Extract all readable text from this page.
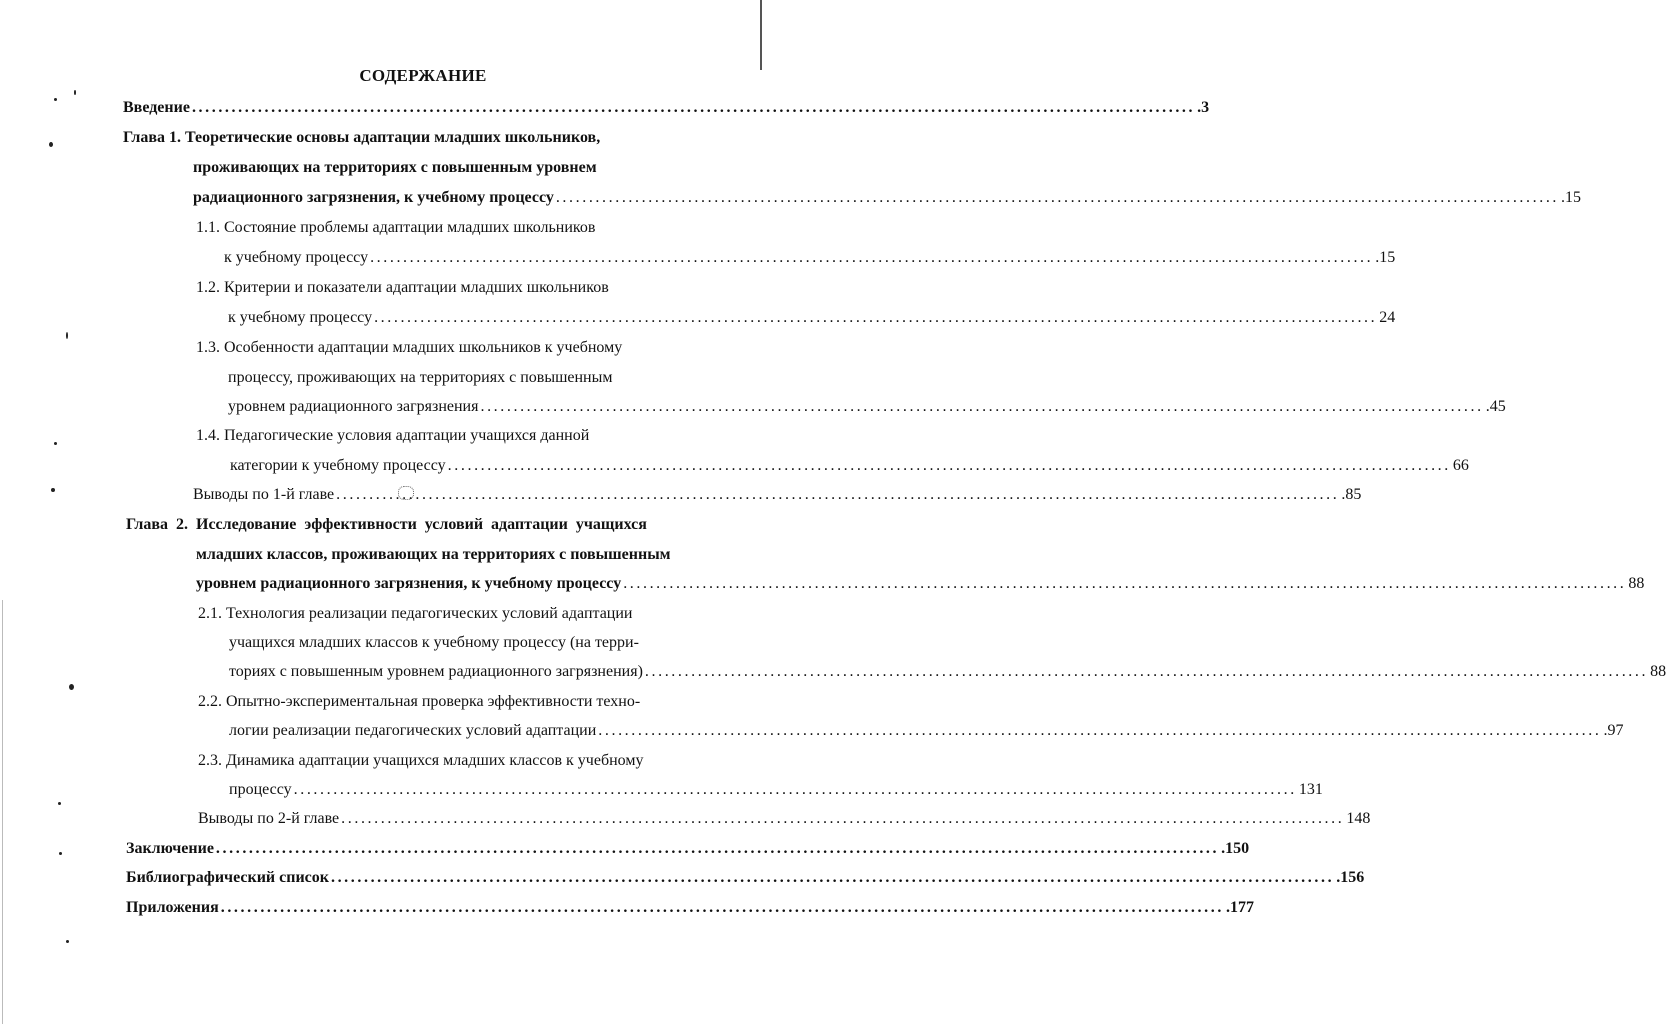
СОДЕРЖАНИЕ
Введение ........................................................................................................................................................ .3
Глава 1. Теоретические основы адаптации младших школьников,
проживающих на территориях с повышенным уровнем
радиационного загрязнения, к учебному процессу ........................................................................................................................................................ .15
1.1. Состояние проблемы адаптации младших школьников
к учебному процессу ........................................................................................................................................................ .15
1.2. Критерии и показатели адаптации младших школьников
к учебному процессу ........................................................................................................................................................ 24
1.3. Особенности адаптации младших школьников к учебному
процессу, проживающих на территориях с повышенным
уровнем радиационного загрязнения ........................................................................................................................................................ .45
1.4. Педагогические условия адаптации учащихся данной
категории к учебному процессу ........................................................................................................................................................ 66
Выводы по 1-й главе ........................................................................................................................................................ .85
Глава 2. Исследование эффективности условий адаптации учащихся
младших классов, проживающих на территориях с повышенным
уровнем радиационного загрязнения, к учебному процессу ........................................................................................................................................................ 88
2.1. Технология реализации педагогических условий адаптации
учащихся младших классов к учебному процессу (на терри-
ториях с повышенным уровнем радиационного загрязнения) ........................................................................................................................................................ 88
2.2. Опытно-экспериментальная проверка эффективности техно-
логии реализации педагогических условий адаптации ........................................................................................................................................................ .97
2.3. Динамика адаптации учащихся младших классов к учебному
процессу ........................................................................................................................................................ 131
Выводы по 2-й главе ........................................................................................................................................................ 148
Заключение ........................................................................................................................................................ .150
Библиографический список ........................................................................................................................................................ .156
Приложения ........................................................................................................................................................ .177
